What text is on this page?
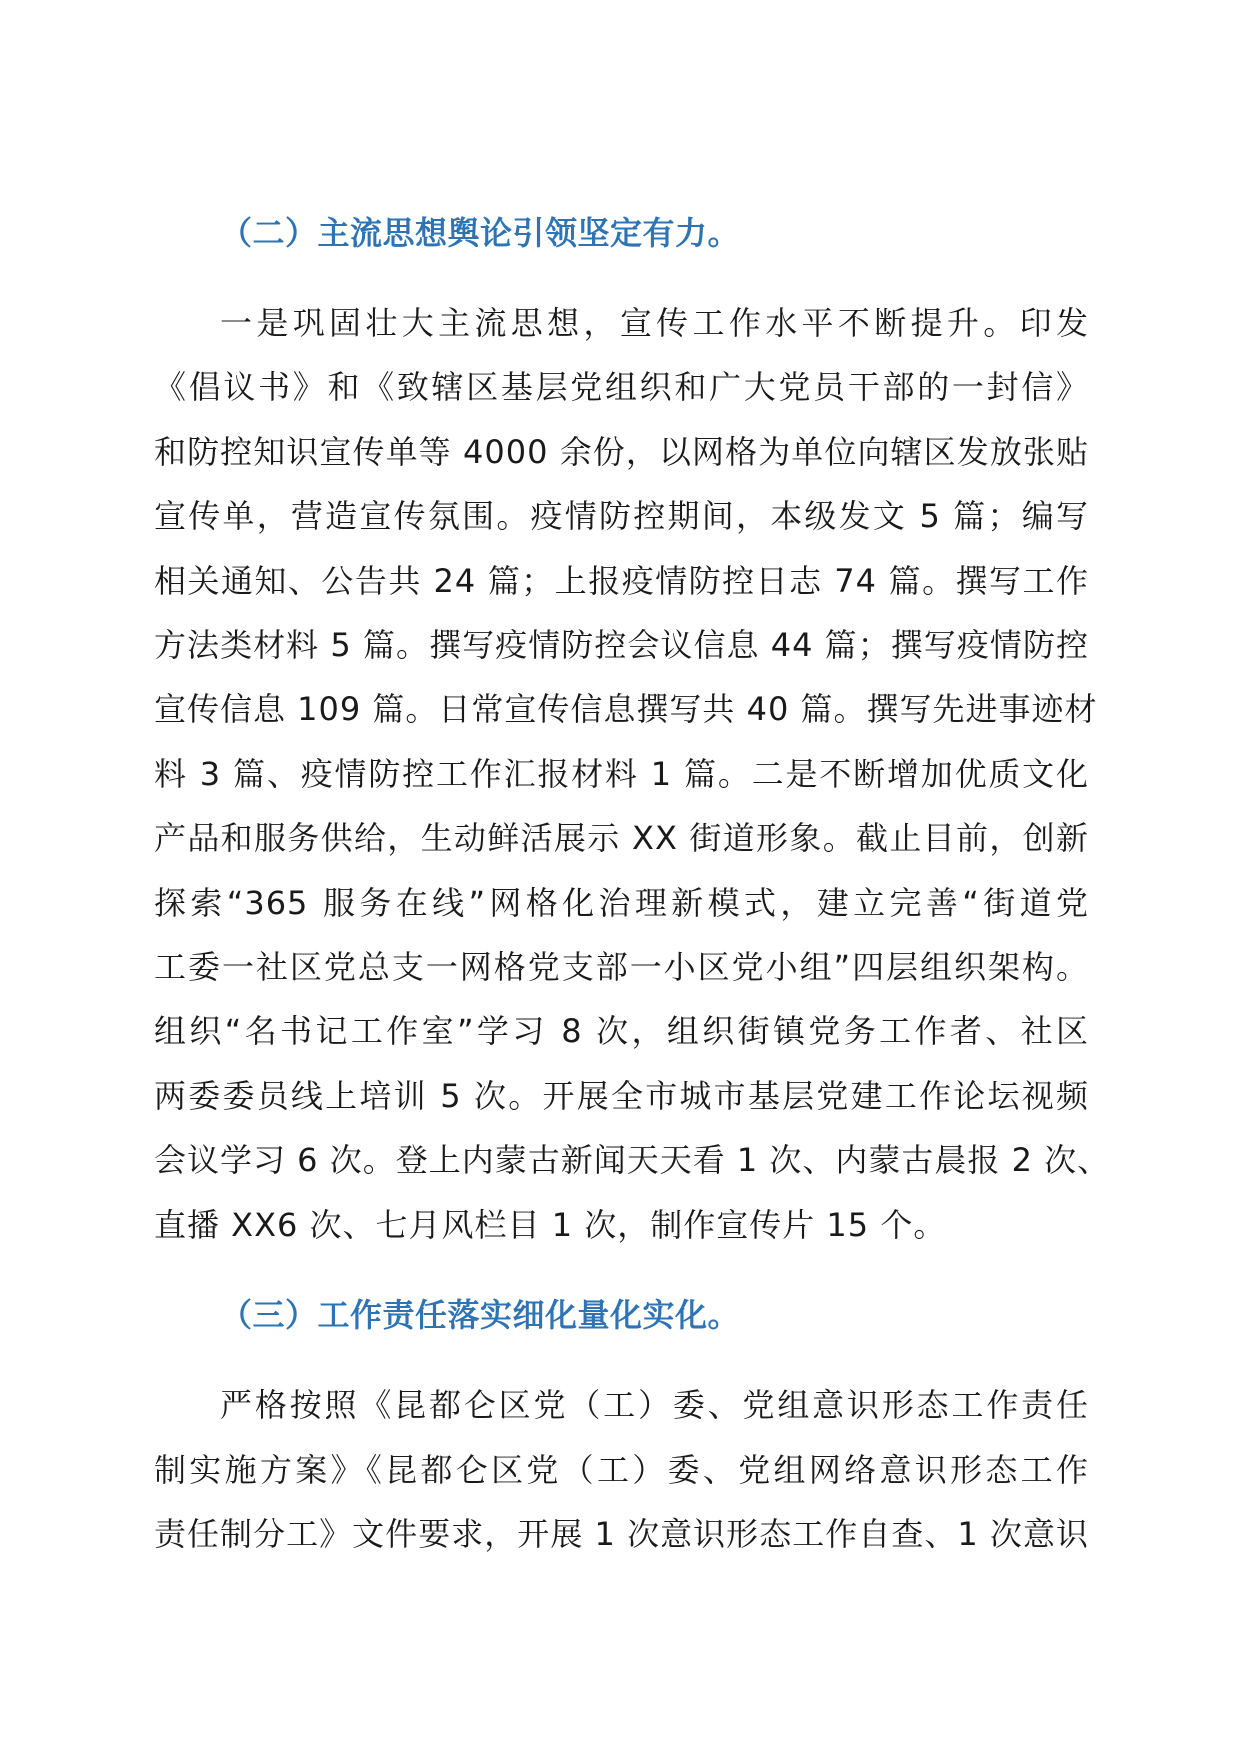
（二）主流思想舆论引领坚定有力。

一是巩固壮大主流思想，宣传工作水平不断提升。印发
《倡议书》和《致辖区基层党组织和广大党员干部的一封信》
和防控知识宣传单等 4000 余份，以网格为单位向辖区发放张贴
宣传单，营造宣传氛围。疫情防控期间，本级发文 5 篇；编写
相关通知、公告共 24 篇；上报疫情防控日志 74 篇。撰写工作
方法类材料 5 篇。撰写疫情防控会议信息 44 篇；撰写疫情防控
宣传信息 109 篇。日常宣传信息撰写共 40 篇。撰写先进事迹材
料 3 篇、疫情防控工作汇报材料 1 篇。二是不断增加优质文化
产品和服务供给，生动鲜活展示 XX 街道形象。截止目前，创新
探索“365 服务在线”网格化治理新模式，建立完善“街道党
工委一社区党总支一网格党支部一小区党小组”四层组织架构。
组织“名书记工作室”学习 8 次，组织街镇党务工作者、社区
两委委员线上培训 5 次。开展全市城市基层党建工作论坛视频
会议学习 6 次。登上内蒙古新闻天天看 1 次、内蒙古晨报 2 次、
直播 XX6 次、七月风栏目 1 次，制作宣传片 15 个。

（三）工作责任落实细化量化实化。

严格按照《昆都仑区党（工）委、党组意识形态工作责任
制实施方案》《昆都仑区党（工）委、党组网络意识形态工作
责任制分工》文件要求，开展 1 次意识形态工作自查、1 次意识
